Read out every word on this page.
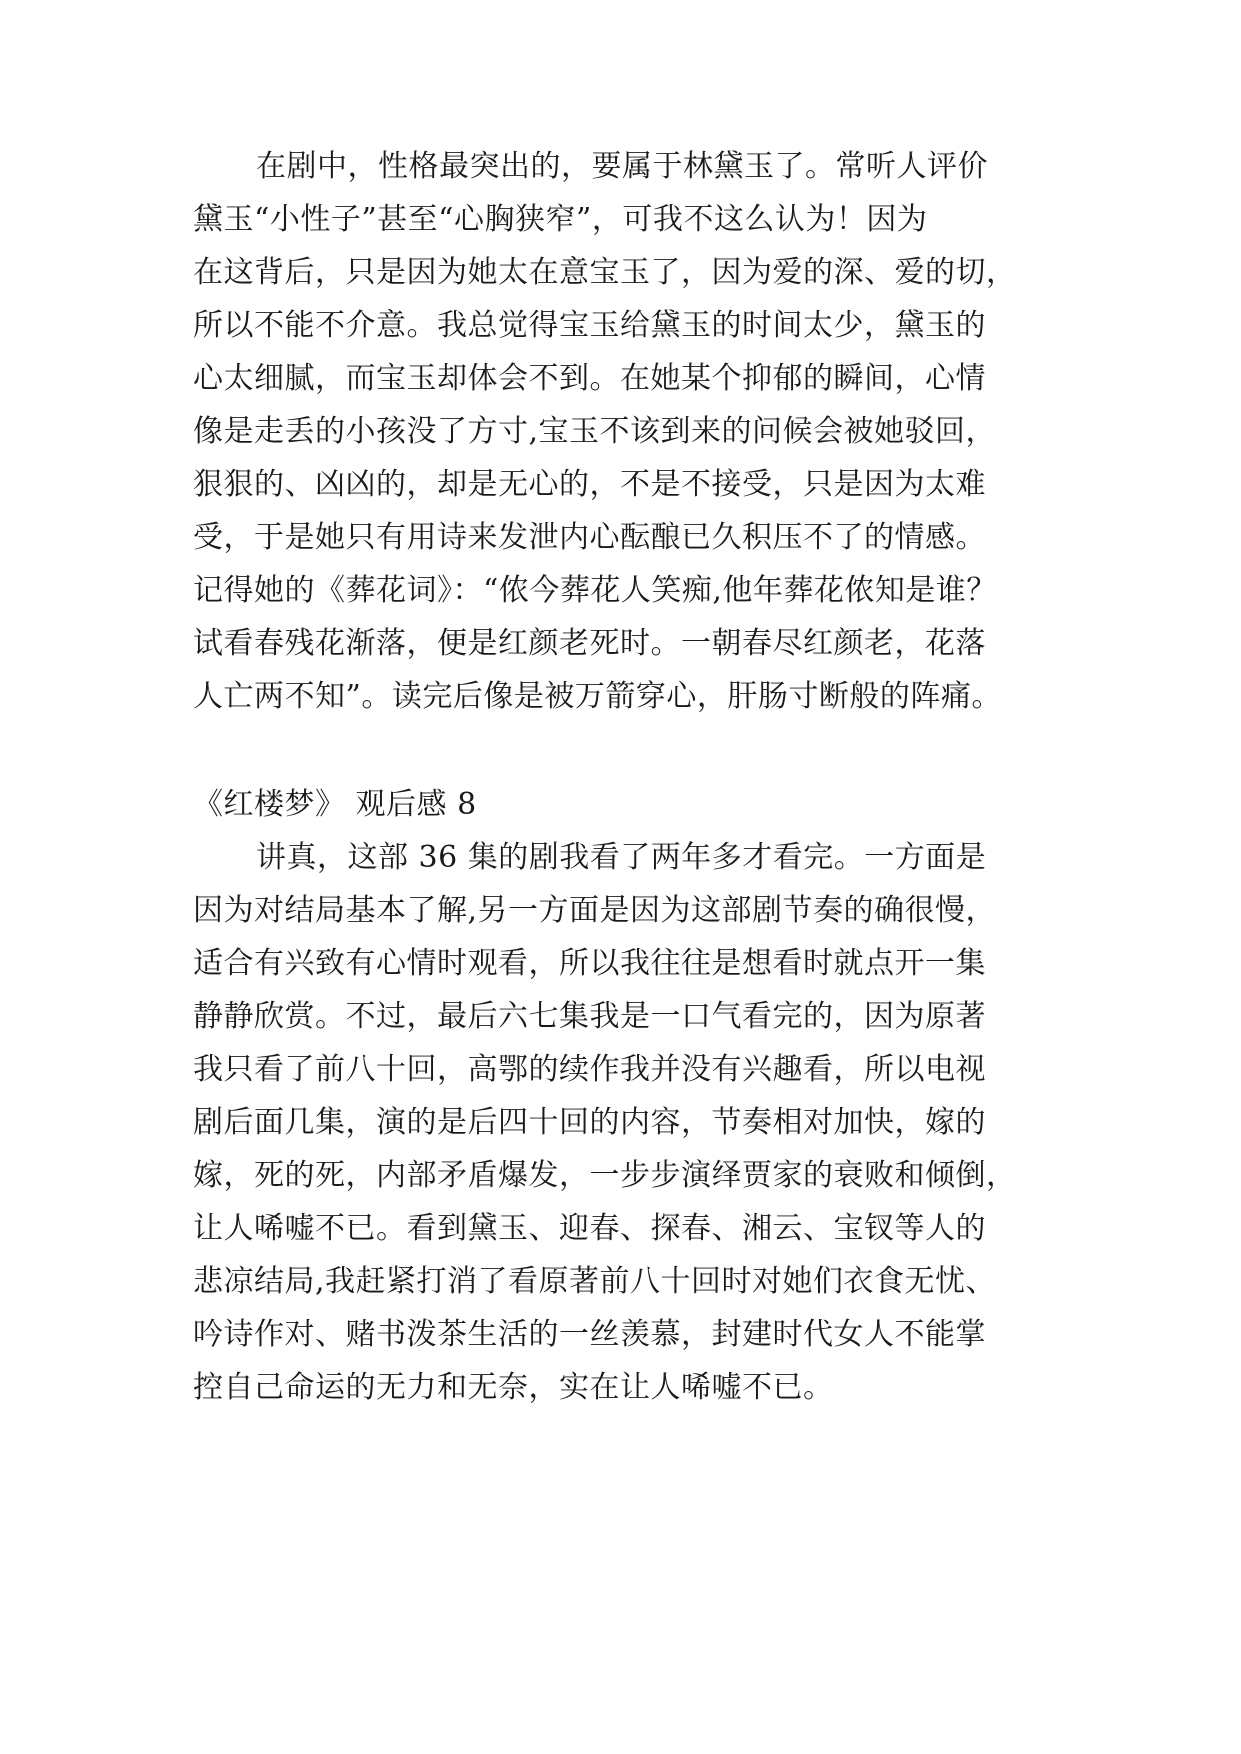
在剧中，性格最突出的，要属于林黛玉了。常听人评价
黛玉“小性子”甚至“心胸狭窄”，可我不这么认为！因为
在这背后，只是因为她太在意宝玉了，因为爱的深、爱的切，
所以不能不介意。我总觉得宝玉给黛玉的时间太少，黛玉的
心太细腻，而宝玉却体会不到。在她某个抑郁的瞬间，心情
像是走丢的小孩没了方寸,宝玉不该到来的问候会被她驳回，
狠狠的、凶凶的，却是无心的，不是不接受，只是因为太难
受，于是她只有用诗来发泄内心酝酿已久积压不了的情感。
记得她的《葬花词》：“侬今葬花人笑痴,他年葬花侬知是谁？
试看春残花渐落，便是红颜老死时。一朝春尽红颜老，花落
人亡两不知”。读完后像是被万箭穿心，肝肠寸断般的阵痛。
《红楼梦》 观后感 8
讲真，这部 36 集的剧我看了两年多才看完。一方面是
因为对结局基本了解,另一方面是因为这部剧节奏的确很慢，
适合有兴致有心情时观看，所以我往往是想看时就点开一集
静静欣赏。不过，最后六七集我是一口气看完的，因为原著
我只看了前八十回，高鄂的续作我并没有兴趣看，所以电视
剧后面几集，演的是后四十回的内容，节奏相对加快，嫁的
嫁，死的死，内部矛盾爆发，一步步演绎贾家的衰败和倾倒，
让人唏嘘不已。看到黛玉、迎春、探春、湘云、宝钗等人的
悲凉结局,我赶紧打消了看原著前八十回时对她们衣食无忧、
吟诗作对、赌书泼茶生活的一丝羡慕，封建时代女人不能掌
控自己命运的无力和无奈，实在让人唏嘘不已。
